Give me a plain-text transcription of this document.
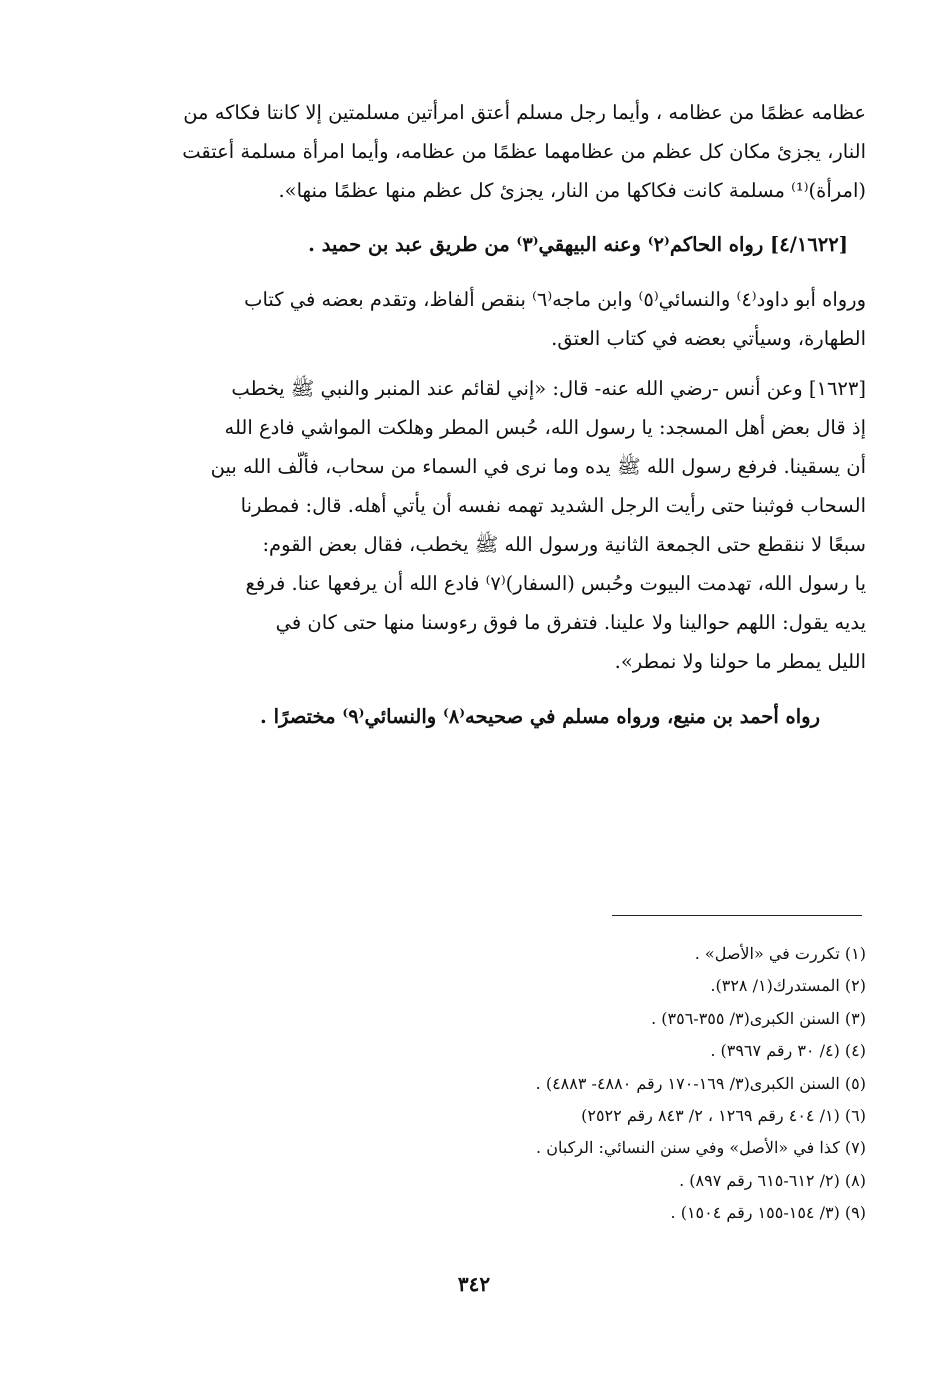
عظامه عظمًا من عظامه ، وأيما رجل مسلم أعتق امرأتين مسلمتين إلا كانتا فكاكه من
النار، يجزئ مكان كل عظم من عظامهما عظمًا من عظامه، وأيما امرأة مسلمة أعتقت
(امرأة)⁽¹⁾ مسلمة كانت فكاكها من النار، يجزئ كل عظم منها عظمًا منها».
[٤/١٦٢٢] رواه الحاكم⁽٢⁾ وعنه البيهقي⁽٣⁾ من طريق عبد بن حميد .
ورواه أبو داود⁽٤⁾ والنسائي⁽٥⁾ وابن ماجه⁽٦⁾ بنقص ألفاظ، وتقدم بعضه في كتاب
الطهارة، وسيأتي بعضه في كتاب العتق.
[١٦٢٣] وعن أنس -رضي الله عنه- قال: «إني لقائم عند المنبر والنبي ﷺ يخطب
إذ قال بعض أهل المسجد: يا رسول الله، حُبس المطر وهلكت المواشي فادع الله
أن يسقينا. فرفع رسول الله ﷺ يده وما نرى في السماء من سحاب، فألّف الله بين
السحاب فوثبنا حتى رأيت الرجل الشديد تهمه نفسه أن يأتي أهله. قال: فمطرنا
سبعًا لا ننقطع حتى الجمعة الثانية ورسول الله ﷺ يخطب، فقال بعض القوم:
يا رسول الله، تهدمت البيوت وحُبس (السفار)⁽٧⁾ فادع الله أن يرفعها عنا. فرفع
يديه يقول: اللهم حوالينا ولا علينا. فتفرق ما فوق رءوسنا منها حتى كان في
الليل يمطر ما حولنا ولا نمطر».
رواه أحمد بن منيع، ورواه مسلم في صحيحه⁽٨⁾ والنسائي⁽٩⁾ مختصرًا .
(١) تكررت في «الأصل» .
(٢) المستدرك(١/ ٣٢٨).
(٣) السنن الكبرى(٣/ ٣٥٥-٣٥٦) .
(٤) (٤/ ٣٠ رقم ٣٩٦٧) .
(٥) السنن الكبرى(٣/ ١٦٩-١٧٠ رقم ٤٨٨٠- ٤٨٨٣) .
(٦) (١/ ٤٠٤ رقم ١٢٦٩ ، ٢/ ٨٤٣ رقم ٢٥٢٢)
(٧) كذا في «الأصل» وفي سنن النسائي: الركبان .
(٨) (٢/ ٦١٢-٦١٥ رقم ٨٩٧) .
(٩) (٣/ ١٥٤-١٥٥ رقم ١٥٠٤) .
٣٤٢
